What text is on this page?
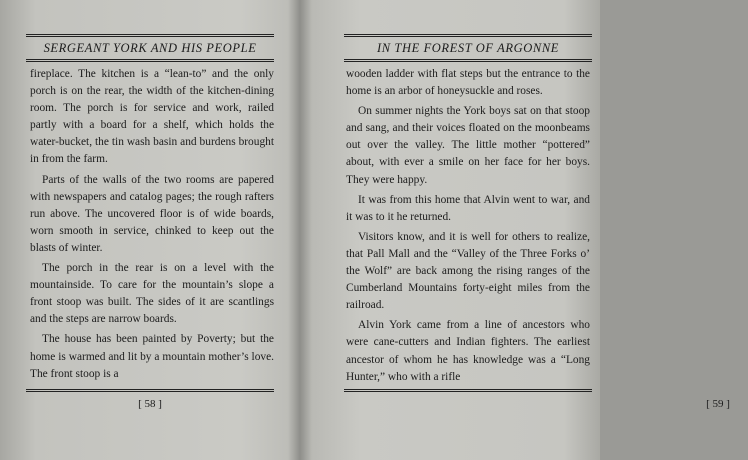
SERGEANT YORK AND HIS PEOPLE

fireplace. The kitchen is a “lean-to” and the only porch is on the rear, the width of the kitchen-dining room. The porch is for service and work, railed partly with a board for a shelf, which holds the water-bucket, the tin wash basin and burdens brought in from the farm.

Parts of the walls of the two rooms are papered with newspapers and catalog pages; the rough rafters run above. The uncovered floor is of wide boards, worn smooth in service, chinked to keep out the blasts of winter.

The porch in the rear is on a level with the mountainside. To care for the mountain’s slope a front stoop was built. The sides of it are scantlings and the steps are narrow boards.

The house has been painted by Poverty; but the home is warmed and lit by a mountain mother’s love. The front stoop is a

[ 58 ]
IN THE FOREST OF ARGONNE

wooden ladder with flat steps but the entrance to the home is an arbor of honeysuckle and roses.

On summer nights the York boys sat on that stoop and sang, and their voices floated on the moonbeams out over the valley. The little mother “pottered” about, with ever a smile on her face for her boys. They were happy.

It was from this home that Alvin went to war, and it was to it he returned.

Visitors know, and it is well for others to realize, that Pall Mall and the “Valley of the Three Forks o’ the Wolf” are back among the rising ranges of the Cumberland Mountains forty-eight miles from the railroad.

Alvin York came from a line of ancestors who were cane-cutters and Indian fighters. The earliest ancestor of whom he has knowledge was a “Long Hunter,” who with a rifle

[ 59 ]
